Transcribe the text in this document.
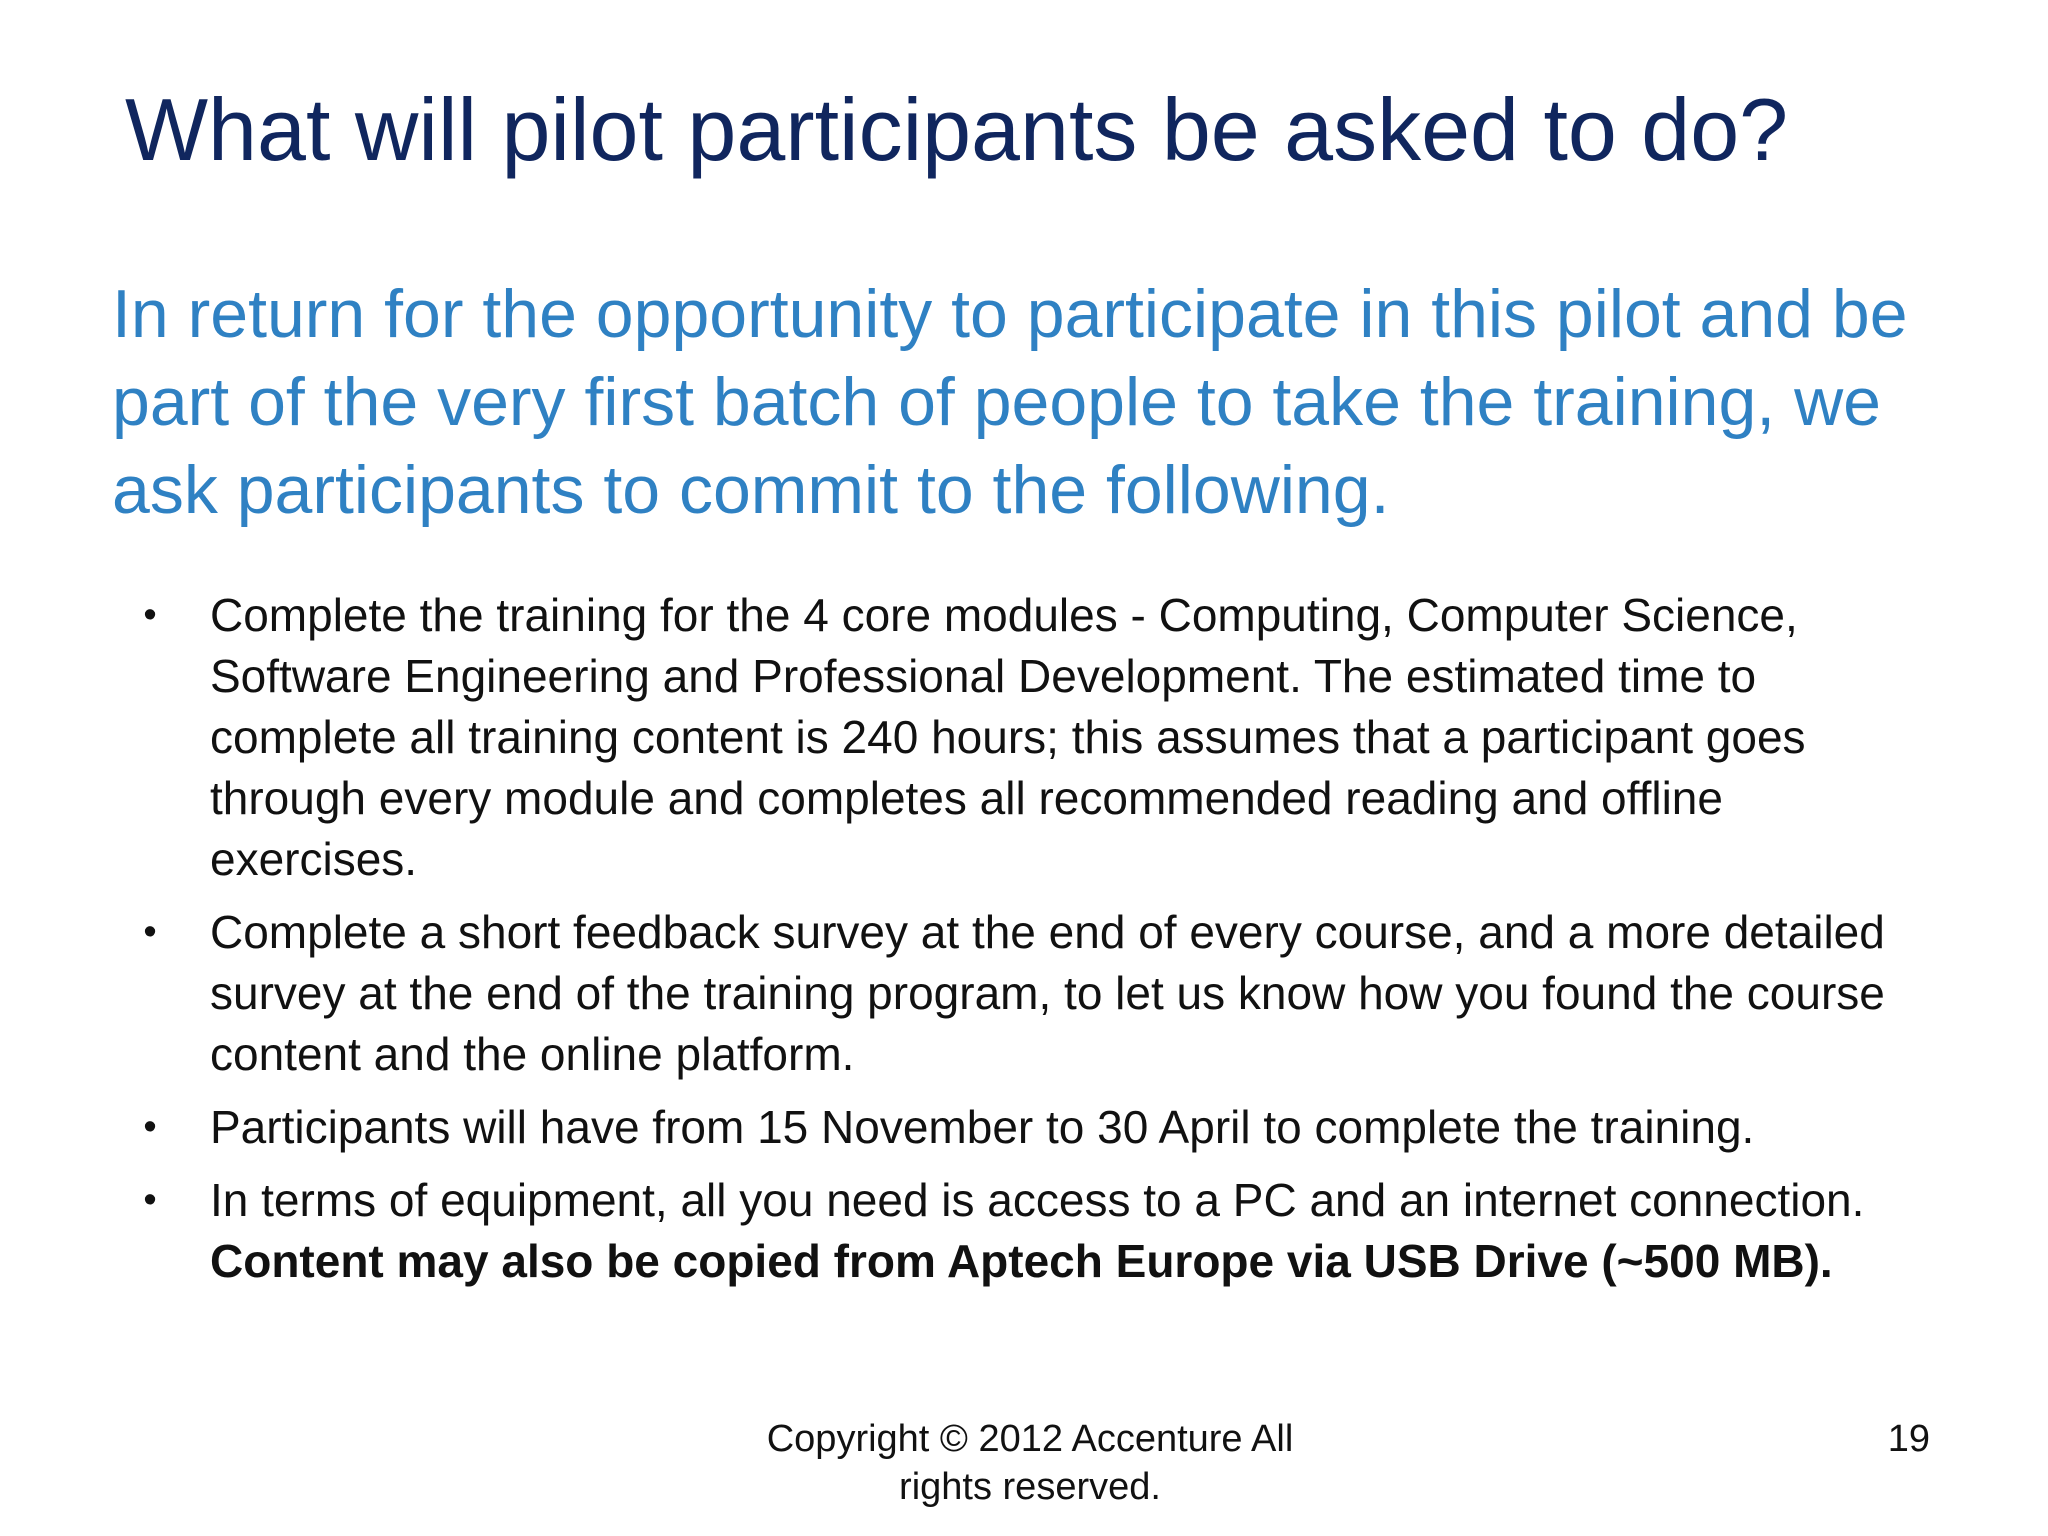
What will pilot participants be asked to do?
In return for the opportunity to participate in this pilot and be part of the very first batch of people to take the training, we ask participants to commit to the following.
• Complete the training for the 4 core modules - Computing, Computer Science, Software Engineering and Professional Development. The estimated time to complete all training content is 240 hours; this assumes that a participant goes through every module and completes all recommended reading and offline exercises.
• Complete a short feedback survey at the end of every course, and a more detailed survey at the end of the training program, to let us know how you found the course content and the online platform.
• Participants will have from 15 November to 30 April to complete the training.
• In terms of equipment, all you need is access to a PC and an internet connection. Content may also be copied from Aptech Europe via USB Drive (~500 MB).
Copyright © 2012 Accenture All rights reserved.
19
